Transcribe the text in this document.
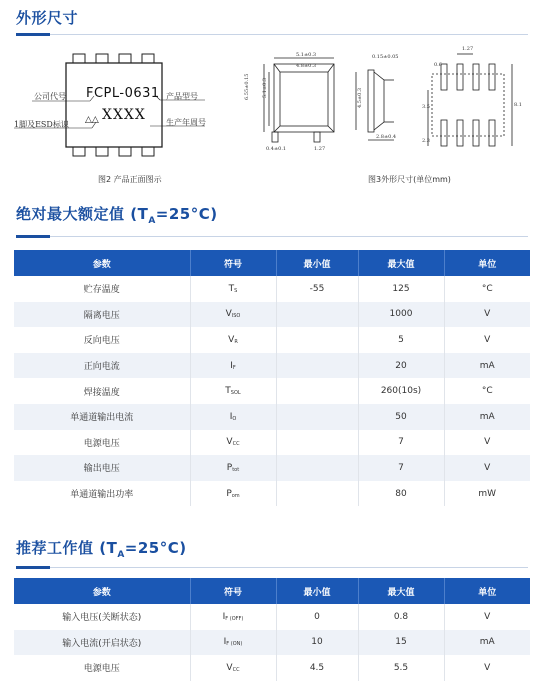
外形尺寸
FCPL-0631
XXXX
△△
公司代号	产品型号
1脚及ESD标识	生产年周号
图2 产品正面图示
5.1±0.3
4.8±0.3
6.55±0.15 5.1±0.3
0.15±0.05
4.5±0.3
2.8±0.4
0.4±0.1	1.27
1.27
0.6
3.5
2.3
8.1
图3外形尺寸(单位mm)
绝对最大额定值 $(T_A=25^\circ C)$
参数	符号	最小值	最大值	单位
贮存温度	TS	-55	125	°C
隔离电压	VISO		1000	V
反向电压	VR		5	V
正向电流	IF		20	mA
焊接温度	TSOL		260(10s)	°C
单通道输出电流	IO		50	mA
电源电压	VCC		7	V
输出电压	Ptot		7	V
单通道输出功率	Pom		80	mW
推荐工作值 $(T_A=25^\circ C)$
参数	符号	最小值	最大值	单位
输入电压(关断状态)	IF (OFF)	0	0.8	V
输入电流(开启状态)	IF (ON)	10	15	mA
电源电压	VCC	4.5	5.5	V
